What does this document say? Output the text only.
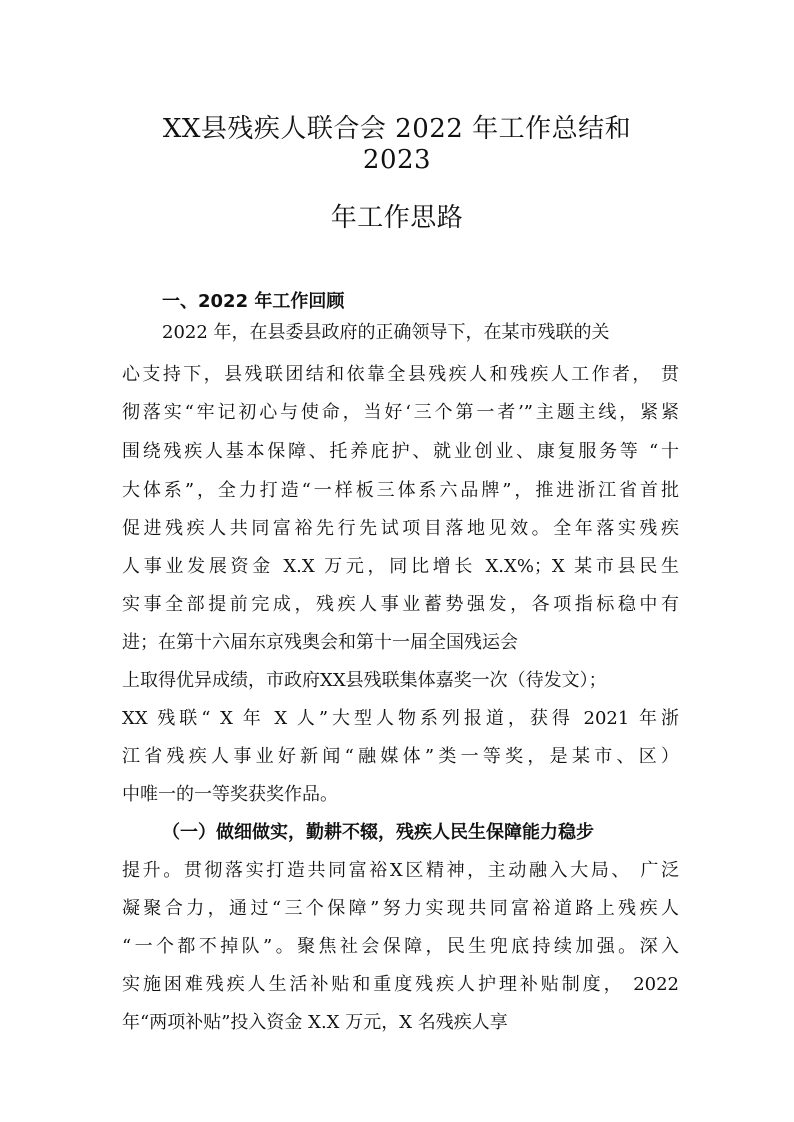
XX县残疾人联合会 2022 年工作总结和
2023
年工作思路
一、2022 年工作回顾
2022 年，在县委县政府的正确领导下，在某市残联的关
心支持下，县残联团结和依靠全县残疾人和残疾人工作者， 贯
彻落实“牢记初心与使命，当好‘三个第一者’”主题主线，紧紧
围绕残疾人基本保障、托养庇护、就业创业、康复服务等 “十
大体系”，全力打造“一样板三体系六品牌”，推进浙江省首批
促进残疾人共同富裕先行先试项目落地见效。全年落实残疾
人事业发展资金 X.X 万元，同比增长 X.X%；X 某市县民生
实事全部提前完成，残疾人事业蓄势强发，各项指标稳中有
进；在第十六届东京残奥会和第十一届全国残运会
上取得优异成绩，市政府XX县残联集体嘉奖一次（待发文）；
XX 残联“ X 年 X 人”大型人物系列报道，获得 2021 年浙
江省残疾人事业好新闻“融媒体”类一等奖，是某市、区）
中唯一的一等奖获奖作品。
（一）做细做实，勤耕不辍，残疾人民生保障能力稳步
提升。贯彻落实打造共同富裕X区精神，主动融入大局、 广泛
凝聚合力，通过“三个保障”努力实现共同富裕道路上残疾人
“一个都不掉队”。聚焦社会保障，民生兜底持续加强。深入
实施困难残疾人生活补贴和重度残疾人护理补贴制度， 2022
年“两项补贴”投入资金 X.X 万元，X 名残疾人享
